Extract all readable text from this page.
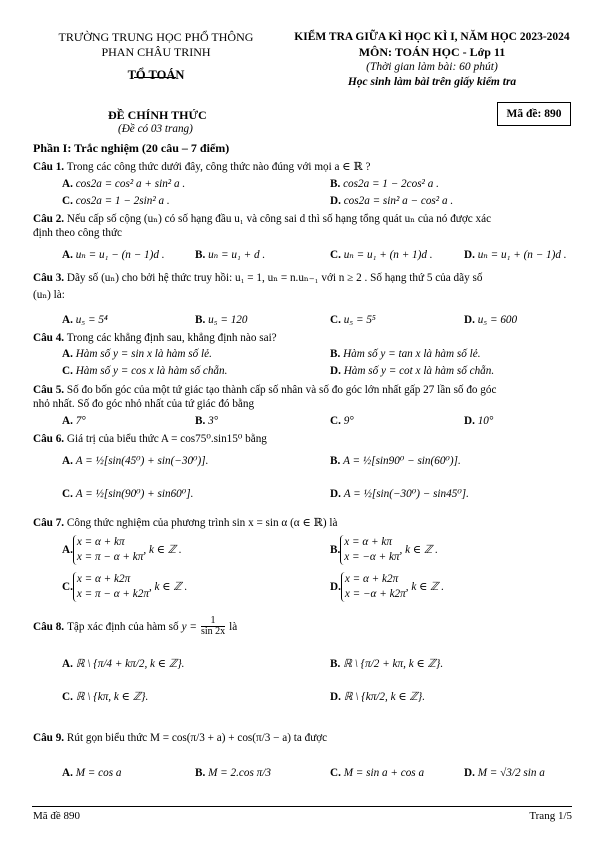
TRƯỜNG TRUNG HỌC PHỔ THÔNG
PHAN CHÂU TRINH
TỔ TOÁN
KIỂM TRA GIỮA KÌ HỌC KÌ I, NĂM HỌC 2023-2024
MÔN: TOÁN HỌC - Lớp 11
(Thời gian làm bài: 60 phút)
Học sinh làm bài trên giấy kiểm tra
ĐỀ CHÍNH THỨC
(Đề có 03 trang)
Mã đề: 890
Phần I: Trắc nghiệm (20 câu – 7 điểm)
Câu 1. Trong các công thức dưới đây, công thức nào đúng với mọi a ∈ ℝ ?
A. cos2a = cos² a + sin² a .	B. cos2a = 1 − 2cos² a .
C. cos2a = 1 − 2sin² a .	D. cos2a = sin² a − cos² a .
Câu 2. Nếu cấp số cộng (uₙ) có số hạng đầu u₁ và công sai d thì số hạng tổng quát uₙ của nó được xác
định theo công thức
A. uₙ = u₁ − (n − 1)d .	B. uₙ = u₁ + d .	C. uₙ = u₁ + (n + 1)d .	D. uₙ = u₁ + (n − 1)d .
Câu 3. Dãy số (uₙ) cho bởi hệ thức truy hồi: u₁ = 1, uₙ = n.uₙ₋₁ với n ≥ 2 . Số hạng thứ 5 của dãy số
(uₙ) là:
A. u₅ = 5⁴	B. u₅ = 120	C. u₅ = 5⁵	D. u₅ = 600
Câu 4. Trong các khẳng định sau, khẳng định nào sai?
A. Hàm số y = sin x là hàm số lẻ.	B. Hàm số y = tan x là hàm số lẻ.
C. Hàm số y = cos x là hàm số chẵn.	D. Hàm số y = cot x là hàm số chẵn.
Câu 5. Số đo bốn góc của một tứ giác tạo thành cấp số nhân và số đo góc lớn nhất gấp 27 lần số đo góc
nhỏ nhất. Số đo góc nhỏ nhất của tứ giác đó bằng
A. 7°	B. 3°	C. 9°	D. 10°
Câu 6. Giá trị của biểu thức A = cos75⁰.sin15⁰ bằng
A. A = ½[sin(45⁰) + sin(−30⁰)].	B. A = ½[sin90⁰ − sin(60⁰)].
C. A = ½[sin(90⁰) + sin60⁰].	D. A = ½[sin(−30⁰) − sin45⁰].
Câu 7. Công thức nghiệm của phương trình sin x = sin α (α ∈ ℝ) là
A.
x = α + kπ
x = π − α + kπ
, k ∈ ℤ .	B.
x = α + kπ
x = −α + kπ
, k ∈ ℤ .
C.
x = α + k2π
x = π − α + k2π
, k ∈ ℤ .	D.
x = α + k2π
x = −α + k2π
, k ∈ ℤ .
Câu 8. Tập xác định của hàm số $y = \frac{1}{\sin 2x}$ là
A. ℝ \ {π/4 + kπ/2, k ∈ ℤ}.	B. ℝ \ {π/2 + kπ, k ∈ ℤ}.
C. ℝ \ {kπ, k ∈ ℤ}.	D. ℝ \ {kπ/2, k ∈ ℤ}.
Câu 9. Rút gọn biểu thức M = cos(π/3 + a) + cos(π/3 − a) ta được
A. M = cos a	B. M = 2.cos π/3	C. M = sin a + cos a	D. M = √3/2 sin a
Mã đề 890	Trang 1/5
